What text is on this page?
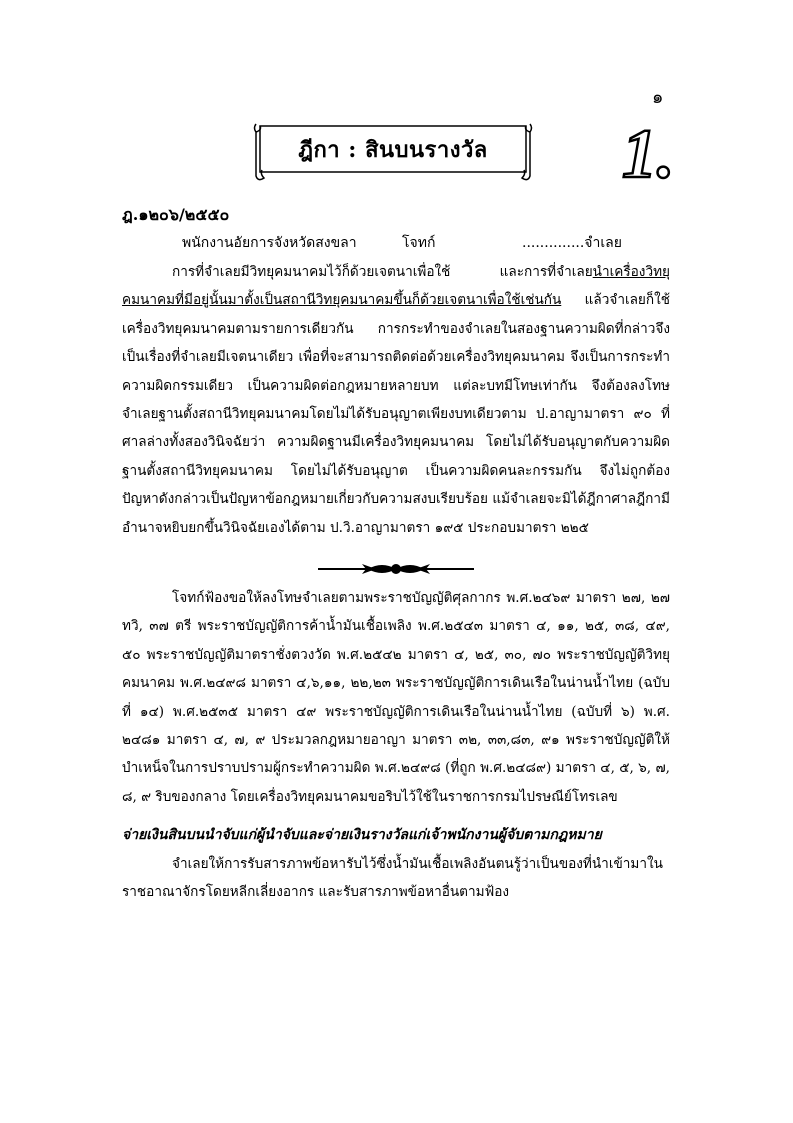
๑
ฎีกา : สินบนรางวัล	1.
ฎ.๑๒๐๖/๒๕๕๐
พนักงานอัยการจังหวัดสงขลา	โจทก์	..............จำเลย
การที่จำเลยมีวิทยุคมนาคมไว้ก็ด้วยเจตนาเพื่อใช้ และการที่จำเลยนำเครื่องวิทยุคมนาคมที่มีอยู่นั้นมาตั้งเป็นสถานีวิทยุคมนาคมขึ้นก็ด้วยเจตนาเพื่อใช้เช่นกัน แล้วจำเลยก็ใช้เครื่องวิทยุคมนาคมตามรายการเดียวกัน การกระทำของจำเลยในสองฐานความผิดที่กล่าวจึงเป็นเรื่องที่จำเลยมีเจตนาเดียว เพื่อที่จะสามารถติดต่อด้วยเครื่องวิทยุคมนาคม จึงเป็นการกระทำความผิดกรรมเดียว เป็นความผิดต่อกฎหมายหลายบท แต่ละบทมีโทษเท่ากัน จึงต้องลงโทษจำเลยฐานตั้งสถานีวิทยุคมนาคมโดยไม่ได้รับอนุญาตเพียงบทเดียวตาม ป.อาญามาตรา ๙๐ ที่ศาลล่างทั้งสองวินิจฉัยว่า ความผิดฐานมีเครื่องวิทยุคมนาคม โดยไม่ได้รับอนุญาตกับความผิดฐานตั้งสถานีวิทยุคมนาคม โดยไม่ได้รับอนุญาต เป็นความผิดคนละกรรมกัน จึงไม่ถูกต้อง ปัญหาดังกล่าวเป็นปัญหาข้อกฎหมายเกี่ยวกับความสงบเรียบร้อย แม้จำเลยจะมิได้ฎีกาศาลฎีกามีอำนาจหยิบยกขึ้นวินิจฉัยเองได้ตาม ป.วิ.อาญามาตรา ๑๙๕ ประกอบมาตรา ๒๒๕
โจทก์ฟ้องขอให้ลงโทษจำเลยตามพระราชบัญญัติศุลกากร พ.ศ.๒๔๖๙ มาตรา ๒๗, ๒๗ ทวิ, ๓๗ ตรี พระราชบัญญัติการค้าน้ำมันเชื้อเพลิง พ.ศ.๒๕๔๓ มาตรา ๔, ๑๑, ๒๕, ๓๘, ๔๙, ๕๐ พระราชบัญญัติมาตราชั่งตวงวัด พ.ศ.๒๕๔๒ มาตรา ๔, ๒๕, ๓๐, ๗๐ พระราชบัญญัติวิทยุคมนาคม พ.ศ.๒๔๙๘ มาตรา ๔,๖,๑๑, ๒๒,๒๓ พระราชบัญญัติการเดินเรือในน่านน้ำไทย (ฉบับที่ ๑๔) พ.ศ.๒๕๓๕ มาตรา ๔๙ พระราชบัญญัติการเดินเรือในน่านน้ำไทย (ฉบับที่ ๖) พ.ศ. ๒๔๘๑ มาตรา ๔, ๗, ๙ ประมวลกฎหมายอาญา มาตรา ๓๒, ๓๓,๘๓, ๙๑ พระราชบัญญัติให้บำเหน็จในการปราบปรามผู้กระทำความผิด พ.ศ.๒๔๙๘ (ที่ถูก พ.ศ.๒๔๘๙) มาตรา ๔, ๕, ๖, ๗, ๘, ๙ ริบของกลาง โดยเครื่องวิทยุคมนาคมขอริบไว้ใช้ในราชการกรมไปรษณีย์โทรเลข
จ่ายเงินสินบนนำจับแก่ผู้นำจับและจ่ายเงินรางวัลแก่เจ้าพนักงานผู้จับตามกฎหมาย
จำเลยให้การรับสารภาพข้อหารับไว้ซึ่งน้ำมันเชื้อเพลิงอันตนรู้ว่าเป็นของที่นำเข้ามาในราชอาณาจักรโดยหลีกเลี่ยงอากร และรับสารภาพข้อหาอื่นตามฟ้อง
